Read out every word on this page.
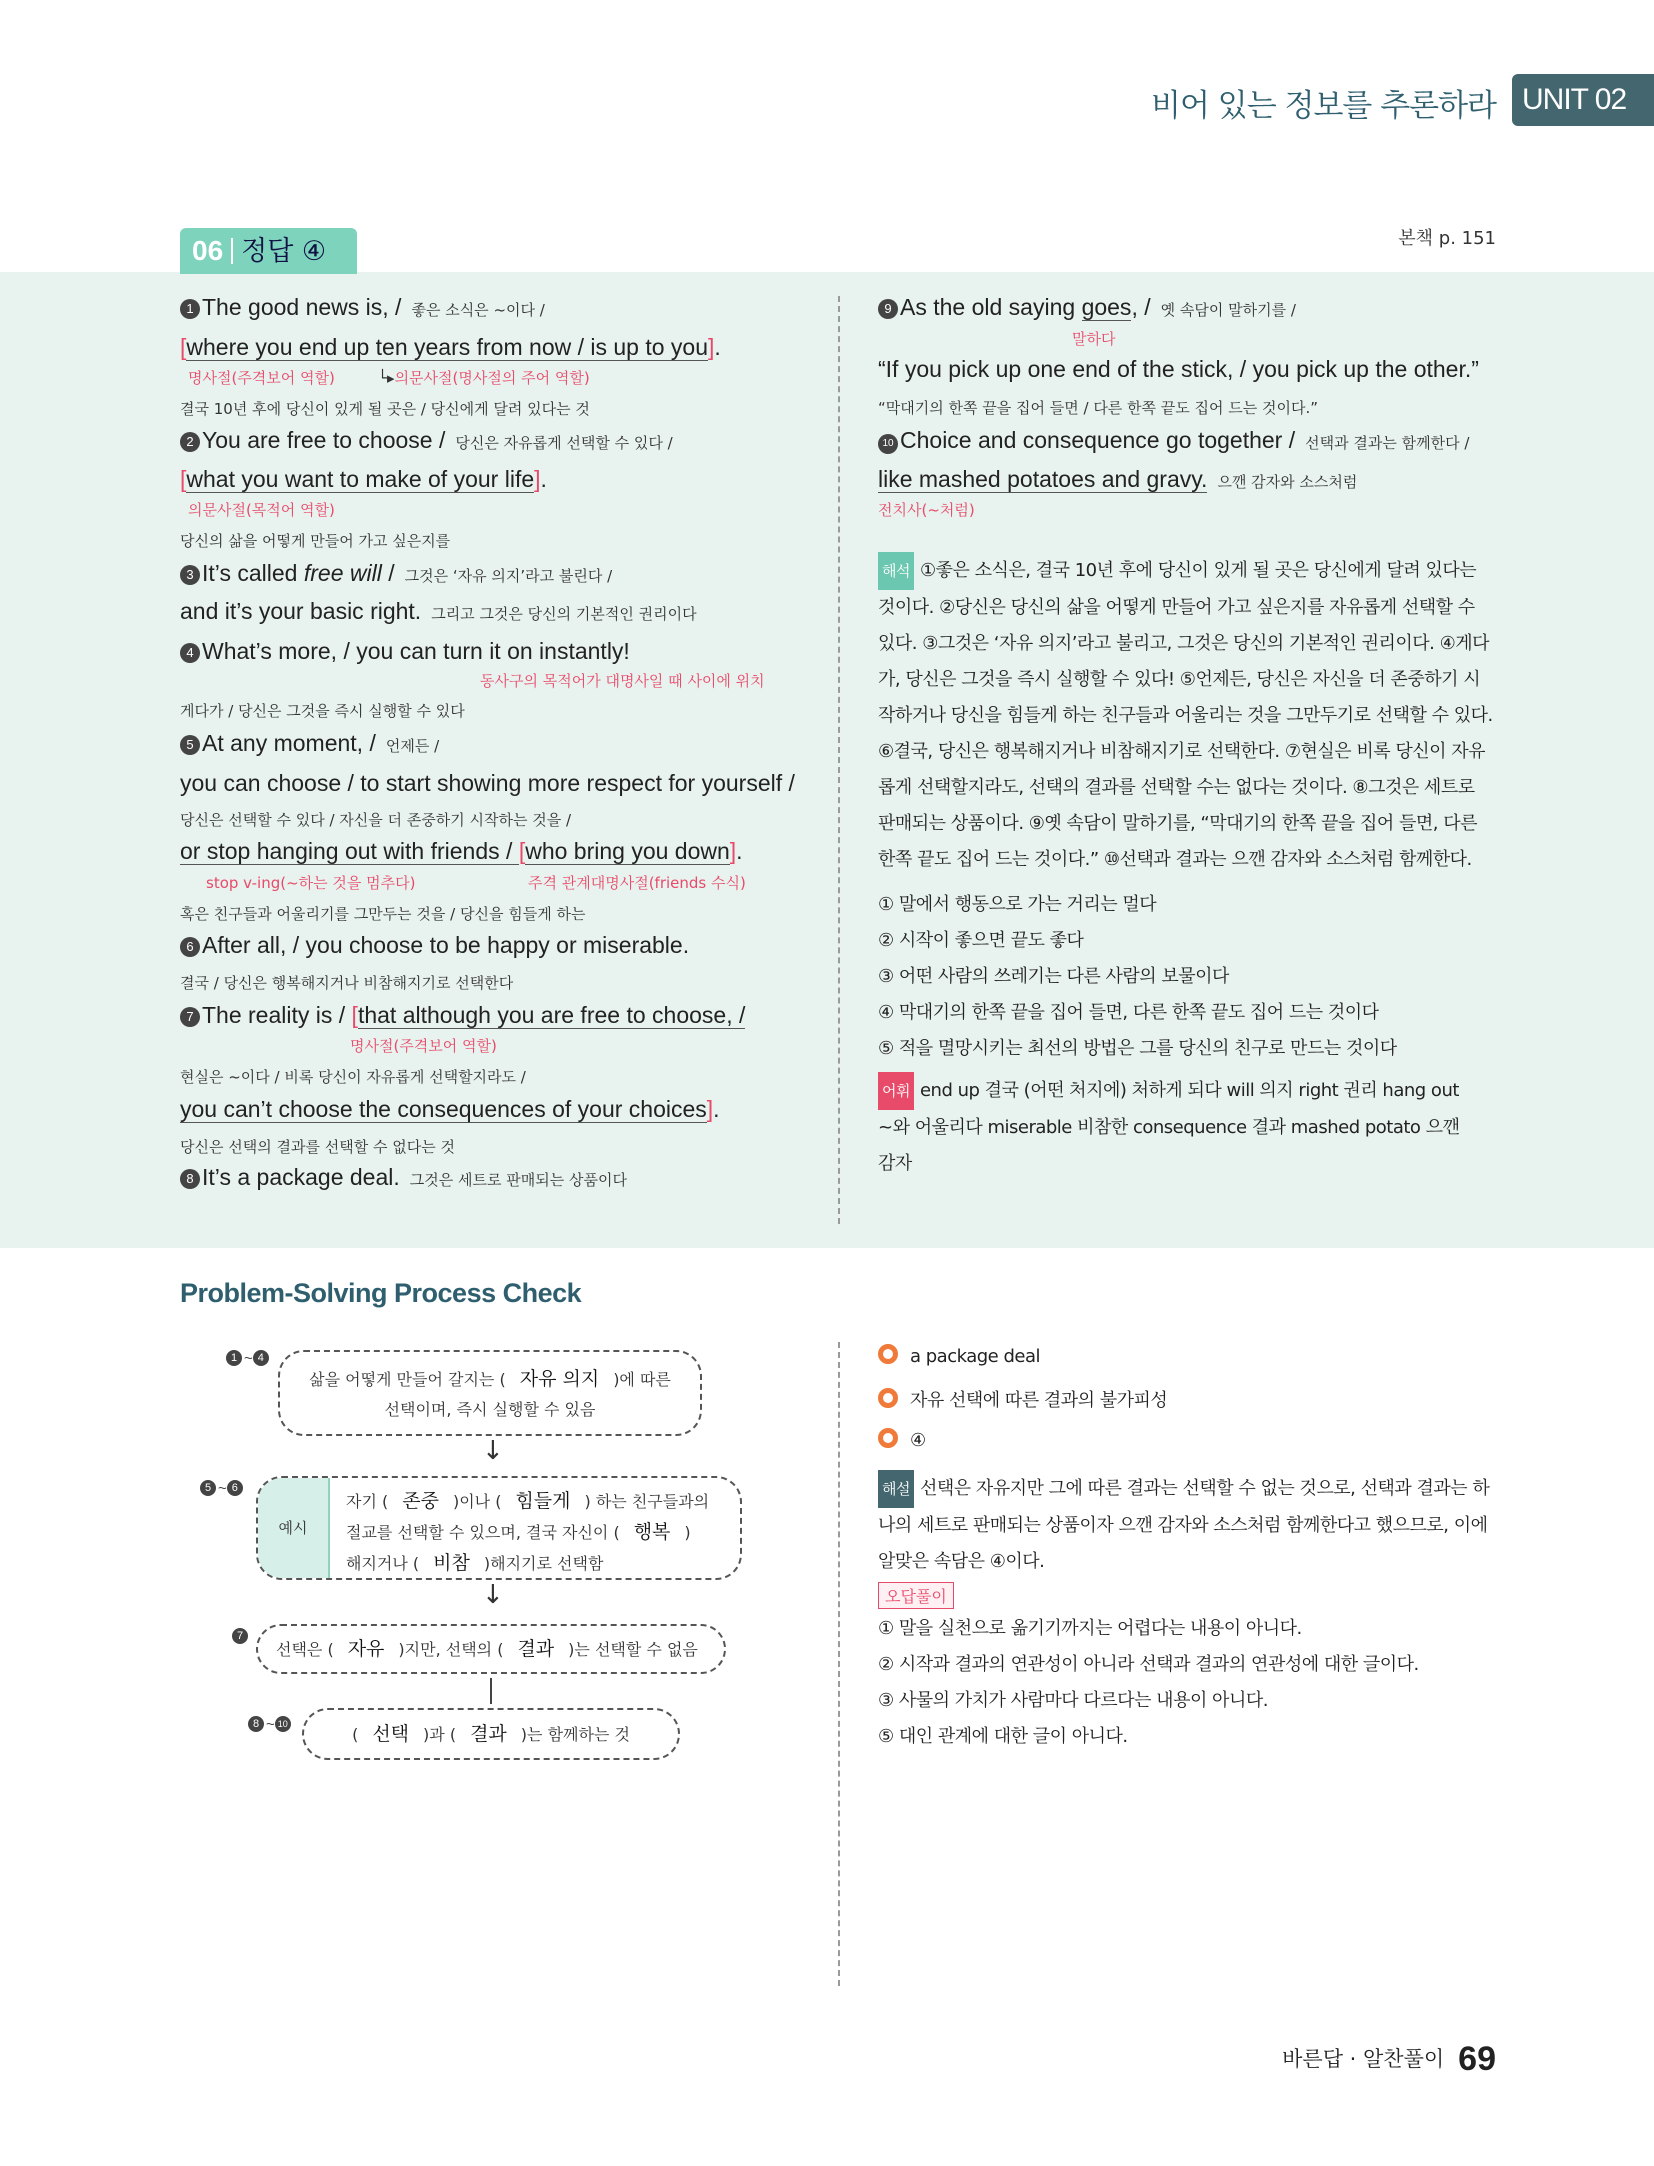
비어 있는 정보를 추론하라 UNIT 02
본책 p. 151
06 정답 ④
1 The good news is, / 좋은 소식은 ~이다 /
[where you end up ten years from now / is up to you].
명사절(주격보어 역할)	└▸의문사절(명사절의 주어 역할)
결국 10년 후에 당신이 있게 될 곳은 / 당신에게 달려 있다는 것
2 You are free to choose / 당신은 자유롭게 선택할 수 있다 /
[what you want to make of your life].
의문사절(목적어 역할)
당신의 삶을 어떻게 만들어 가고 싶은지를
3 It’s called free will / 그것은 ‘자유 의지’라고 불린다 /
and it’s your basic right. 그리고 그것은 당신의 기본적인 권리이다
4 What’s more, / you can turn it on instantly!
동사구의 목적어가 대명사일 때 사이에 위치
게다가 / 당신은 그것을 즉시 실행할 수 있다
5 At any moment, / 언제든 /
you can choose / to start showing more respect for yourself /
당신은 선택할 수 있다 / 자신을 더 존중하기 시작하는 것을 /
or stop hanging out with friends / [who bring you down].
stop v-ing(~하는 것을 멈추다)	주격 관계대명사절(friends 수식)
혹은 친구들과 어울리기를 그만두는 것을 / 당신을 힘들게 하는
6 After all, / you choose to be happy or miserable.
결국 / 당신은 행복해지거나 비참해지기로 선택한다
7 The reality is / [that although you are free to choose, /
명사절(주격보어 역할)
현실은 ~이다 / 비록 당신이 자유롭게 선택할지라도 /
you can’t choose the consequences of your choices].
당신은 선택의 결과를 선택할 수 없다는 것
8 It’s a package deal. 그것은 세트로 판매되는 상품이다
9 As the old saying goes, / 옛 속담이 말하기를 /
말하다
“If you pick up one end of the stick, / you pick up the other.”
“막대기의 한쪽 끝을 집어 들면 / 다른 한쪽 끝도 집어 드는 것이다.”
10 Choice and consequence go together / 선택과 결과는 함께한다 /
like mashed potatoes and gravy. 으깬 감자와 소스처럼
전치사(~처럼)
해석 ①좋은 소식은, 결국 10년 후에 당신이 있게 될 곳은 당신에게 달려 있다는
것이다. ②당신은 당신의 삶을 어떻게 만들어 가고 싶은지를 자유롭게 선택할 수
있다. ③그것은 ‘자유 의지’라고 불리고, 그것은 당신의 기본적인 권리이다. ④게다
가, 당신은 그것을 즉시 실행할 수 있다! ⑤언제든, 당신은 자신을 더 존중하기 시
작하거나 당신을 힘들게 하는 친구들과 어울리는 것을 그만두기로 선택할 수 있다.
⑥결국, 당신은 행복해지거나 비참해지기로 선택한다. ⑦현실은 비록 당신이 자유
롭게 선택할지라도, 선택의 결과를 선택할 수는 없다는 것이다. ⑧그것은 세트로
판매되는 상품이다. ⑨옛 속담이 말하기를, “막대기의 한쪽 끝을 집어 들면, 다른
한쪽 끝도 집어 드는 것이다.” ⑩선택과 결과는 으깬 감자와 소스처럼 함께한다.
① 말에서 행동으로 가는 거리는 멀다
② 시작이 좋으면 끝도 좋다
③ 어떤 사람의 쓰레기는 다른 사람의 보물이다
④ 막대기의 한쪽 끝을 집어 들면, 다른 한쪽 끝도 집어 드는 것이다
⑤ 적을 멸망시키는 최선의 방법은 그를 당신의 친구로 만드는 것이다
어휘 end up 결국 (어떤 처지에) 처하게 되다 will 의지 right 권리 hang out
~와 어울리다 miserable 비참한 consequence 결과 mashed potato 으깬
감자
Problem-Solving Process Check
1 ~ 4
삶을 어떻게 만들어 갈지는 ( 자유 의지 )에 따른
선택이며, 즉시 실행할 수 있음
↓
5 ~ 6
예시
자기 ( 존중 )이나 ( 힘들게 ) 하는 친구들과의
절교를 선택할 수 있으며, 결국 자신이 ( 행복 )
해지거나 ( 비참 )해지기로 선택함
↓
7
선택은 ( 자유 )지만, 선택의 ( 결과 )는 선택할 수 없음
8 ~ 10
( 선택 )과 ( 결과 )는 함께하는 것
a package deal
자유 선택에 따른 결과의 불가피성
④
해설 선택은 자유지만 그에 따른 결과는 선택할 수 없는 것으로, 선택과 결과는 하
나의 세트로 판매되는 상품이자 으깬 감자와 소스처럼 함께한다고 했으므로, 이에
알맞은 속담은 ④이다.
오답풀이
① 말을 실천으로 옮기기까지는 어렵다는 내용이 아니다.
② 시작과 결과의 연관성이 아니라 선택과 결과의 연관성에 대한 글이다.
③ 사물의 가치가 사람마다 다르다는 내용이 아니다.
⑤ 대인 관계에 대한 글이 아니다.
바른답 · 알찬풀이 69
